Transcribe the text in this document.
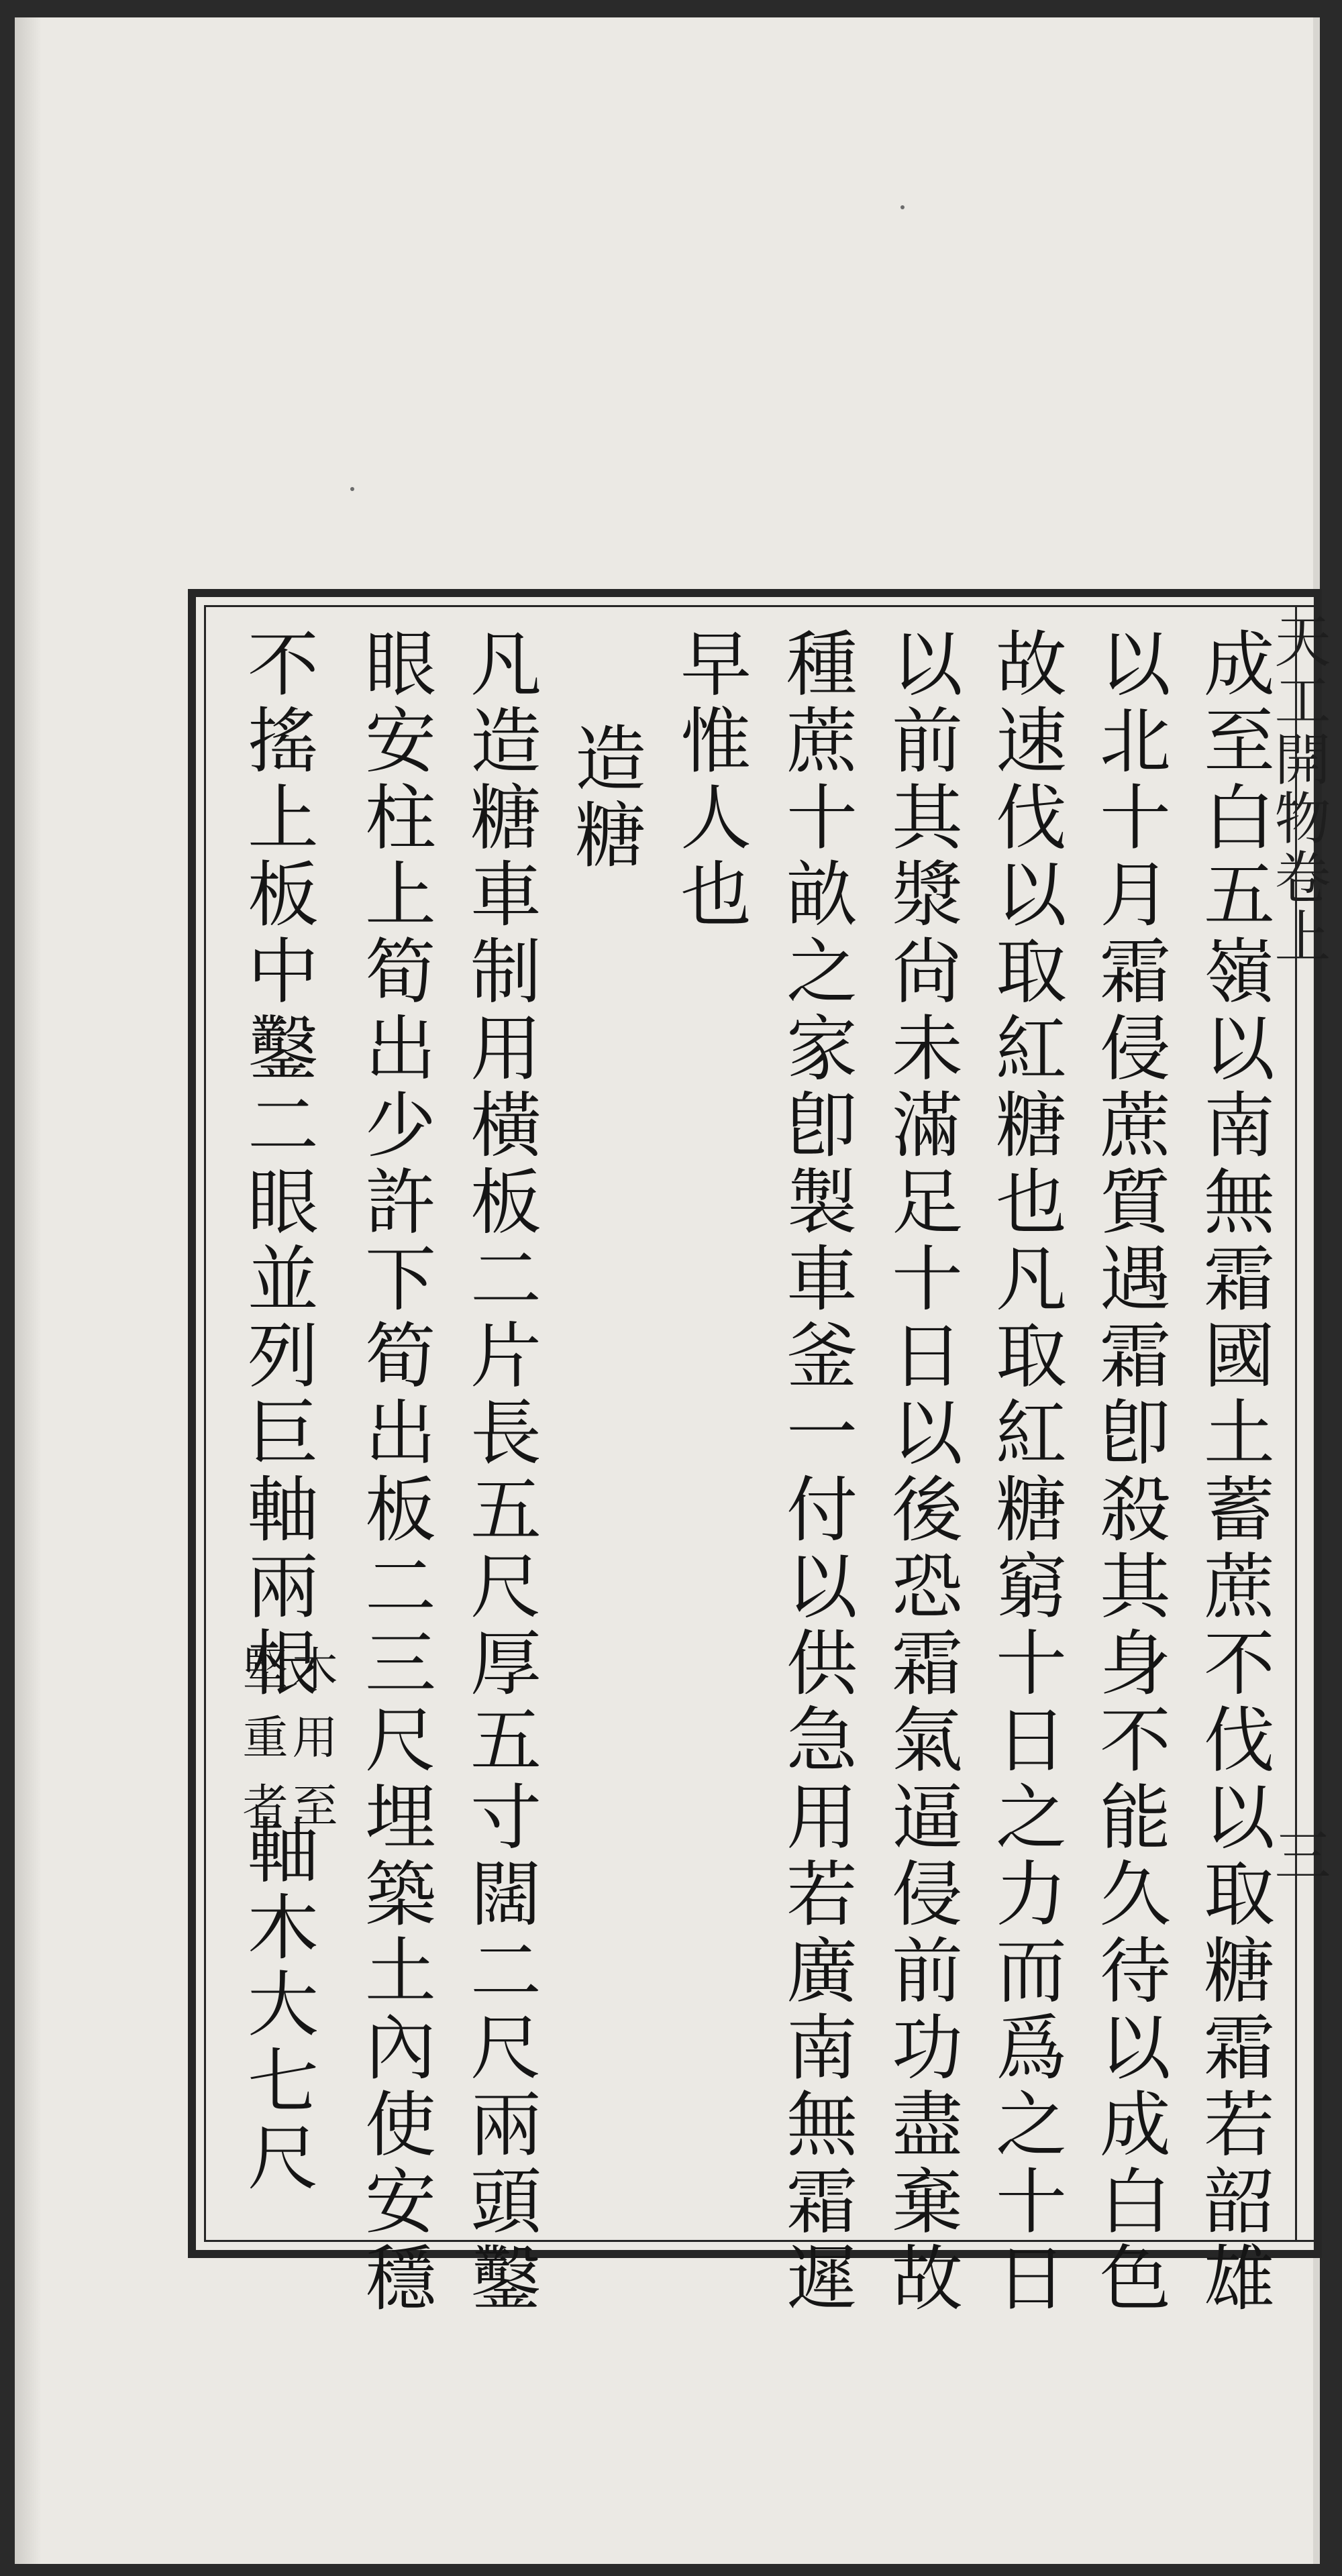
天工開物卷上
三
成至白五嶺以南無霜國土蓄蔗不伐以取糖霜若韶雄
以北十月霜侵蔗質遇霜卽殺其身不能久待以成白色
故速伐以取紅糖也凡取紅糖窮十日之力而爲之十日
以前其漿尙未滿足十日以後恐霜氣逼侵前功盡棄故
種蔗十畝之家卽製車釜一付以供急用若廣南無霜遲
早惟人也
造糖
凡造糖車制用橫板二片長五尺厚五寸闊二尺兩頭鑿
眼安柱上筍出少許下筍出板二三尺埋築土內使安穩
不搖上板中鑿二眼並列巨軸兩根
木用至
堅重者
軸木大七尺
